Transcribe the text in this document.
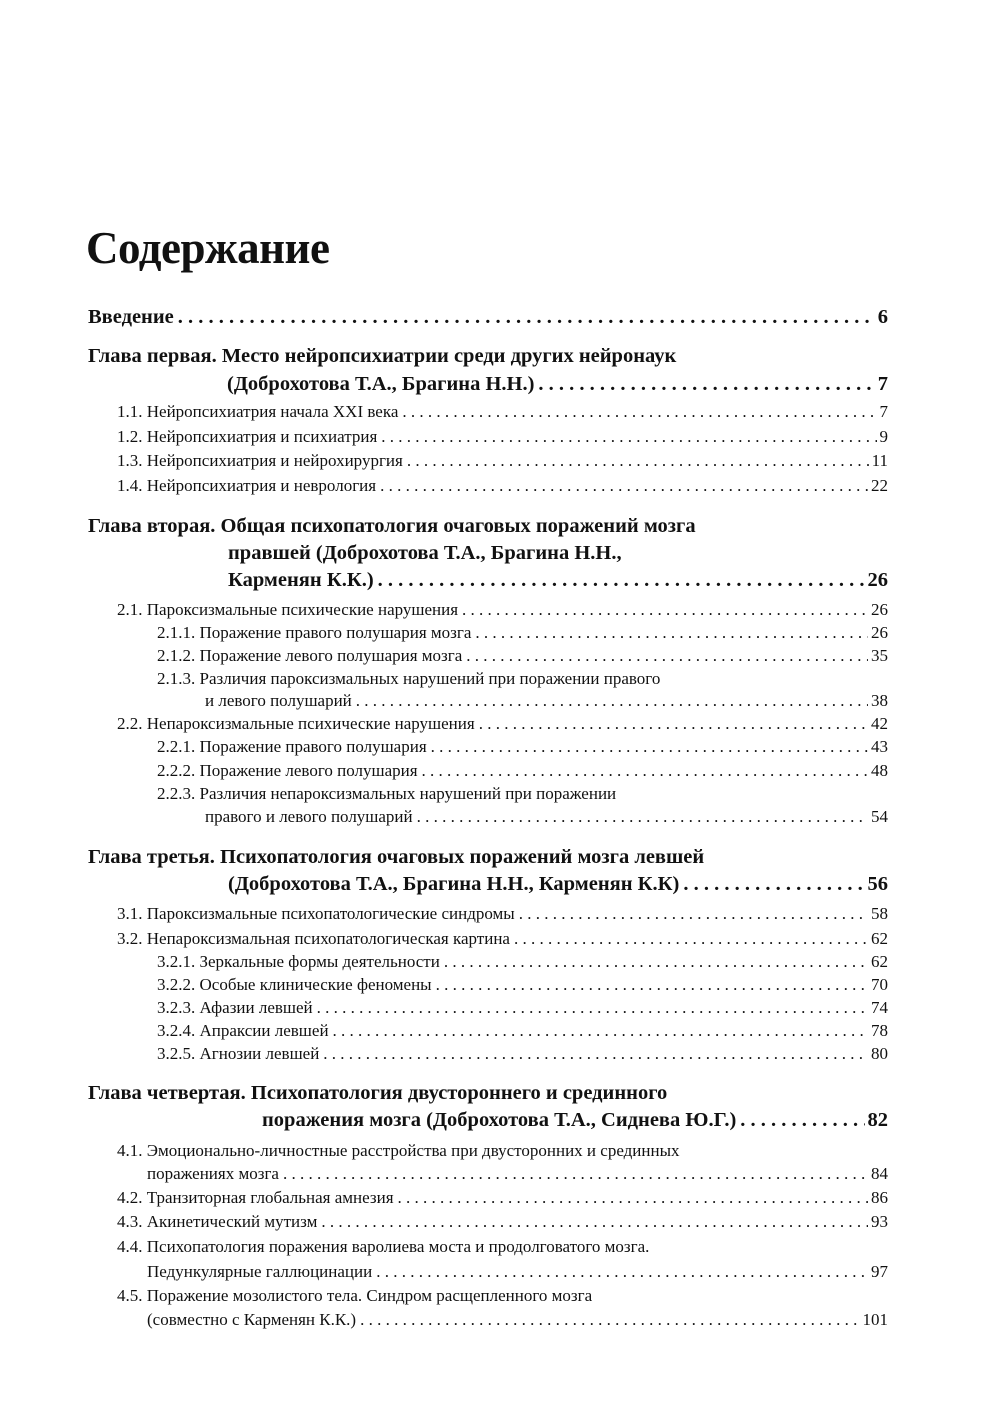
Содержание
Введение . . .	6
Глава первая. Место нейропсихиатрии среди других нейронаук
(Доброхотова Т.А., Брагина Н.Н.) . . .	7
1.1. Нейропсихиатрия начала XXI века . . .	7
1.2. Нейропсихиатрия и психиатрия . . .	9
1.3. Нейропсихиатрия и нейрохирургия . . .	11
1.4. Нейропсихиатрия и неврология . . .	22
Глава вторая. Общая психопатология очаговых поражений мозга
правшей (Доброхотова Т.А., Брагина Н.Н.,
Карменян К.К.) . . .	26
2.1. Пароксизмальные психические нарушения . . .	26
2.1.1. Поражение правого полушария мозга . . .	26
2.1.2. Поражение левого полушария мозга . . .	35
2.1.3. Различия пароксизмальных нарушений при поражении правого
и левого полушарий . . .	38
2.2. Непароксизмальные психические нарушения . . .	42
2.2.1. Поражение правого полушария . . .	43
2.2.2. Поражение левого полушария . . .	48
2.2.3. Различия непароксизмальных нарушений при поражении
правого и левого полушарий . . .	54
Глава третья. Психопатология очаговых поражений мозга левшей
(Доброхотова Т.А., Брагина Н.Н., Карменян К.К) . . .	56
3.1. Пароксизмальные психопатологические синдромы . . .	58
3.2. Непароксизмальная психопатологическая картина . . .	62
3.2.1. Зеркальные формы деятельности . . .	62
3.2.2. Особые клинические феномены . . .	70
3.2.3. Афазии левшей . . .	74
3.2.4. Апраксии левшей . . .	78
3.2.5. Агнозии левшей . . .	80
Глава четвертая. Психопатология двустороннего и срединного
поражения мозга (Доброхотова Т.А., Сиднева Ю.Г.) . . .	82
4.1. Эмоционально-личностные расстройства при двусторонних и срединных
поражениях мозга . . .	84
4.2. Транзиторная глобальная амнезия . . .	86
4.3. Акинетический мутизм . . .	93
4.4. Психопатология поражения варолиева моста и продолговатого мозга.
Педункулярные галлюцинации . . .	97
4.5. Поражение мозолистого тела. Синдром расщепленного мозга
(совместно с Карменян К.К.) . . .	101
